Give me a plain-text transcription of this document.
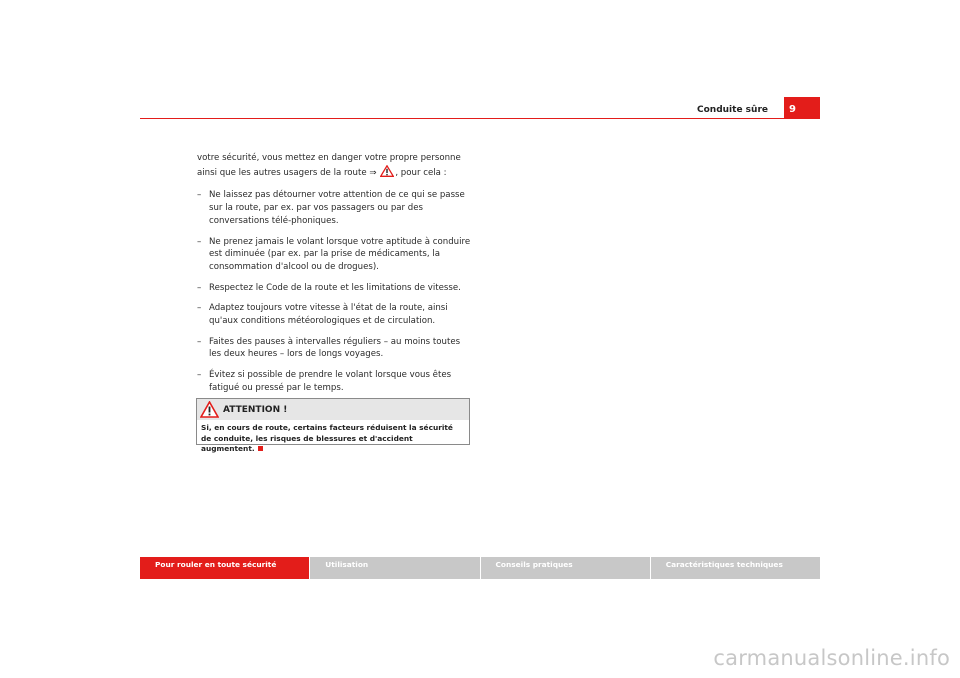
Conduite sûre	9

votre sécurité, vous mettez en danger votre propre personne ainsi que les autres usagers de la route ⇒ , pour cela :

– Ne laissez pas détourner votre attention de ce qui se passe sur la route, par ex. par vos passagers ou par des conversations télé-phoniques.
– Ne prenez jamais le volant lorsque votre aptitude à conduire est diminuée (par ex. par la prise de médicaments, la consommation d'alcool ou de drogues).
– Respectez le Code de la route et les limitations de vitesse.
– Adaptez toujours votre vitesse à l'état de la route, ainsi qu'aux conditions météorologiques et de circulation.
– Faites des pauses à intervalles réguliers – au moins toutes les deux heures – lors de longs voyages.
– Évitez si possible de prendre le volant lorsque vous êtes fatigué ou pressé par le temps.
ATTENTION !
Si, en cours de route, certains facteurs réduisent la sécurité de conduite, les risques de blessures et d'accident augmentent.
Pour rouler en toute sécurité	Utilisation	Conseils pratiques	Caractéristiques techniques
carmanualsonline.info
